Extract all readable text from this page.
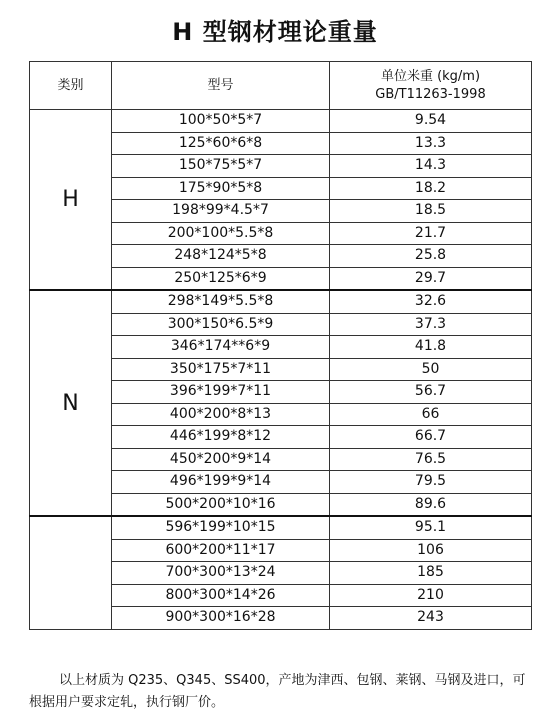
H 型钢材理论重量
类别	型号	单位米重 (kg/m)
GB/T11263-1998

H	100*50*5*7	9.54
	125*60*6*8	13.3
	150*75*5*7	14.3
	175*90*5*8	18.2
	198*99*4.5*7	18.5
	200*100*5.5*8	21.7
	248*124*5*8	25.8
	250*125*6*9	29.7
N	298*149*5.5*8	32.6
	300*150*6.5*9	37.3
	346*174**6*9	41.8
	350*175*7*11	50
	396*199*7*11	56.7
	400*200*8*13	66
	446*199*8*12	66.7
	450*200*9*14	76.5
	496*199*9*14	79.5
	500*200*10*16	89.6
	596*199*10*15	95.1
	600*200*11*17	106
	700*300*13*24	185
	800*300*14*26	210
	900*300*16*28	243
以上材质为 Q235、Q345、SS400，产地为津西、包钢、莱钢、马钢及进口，可根据用户要求定轧，执行钢厂价。
